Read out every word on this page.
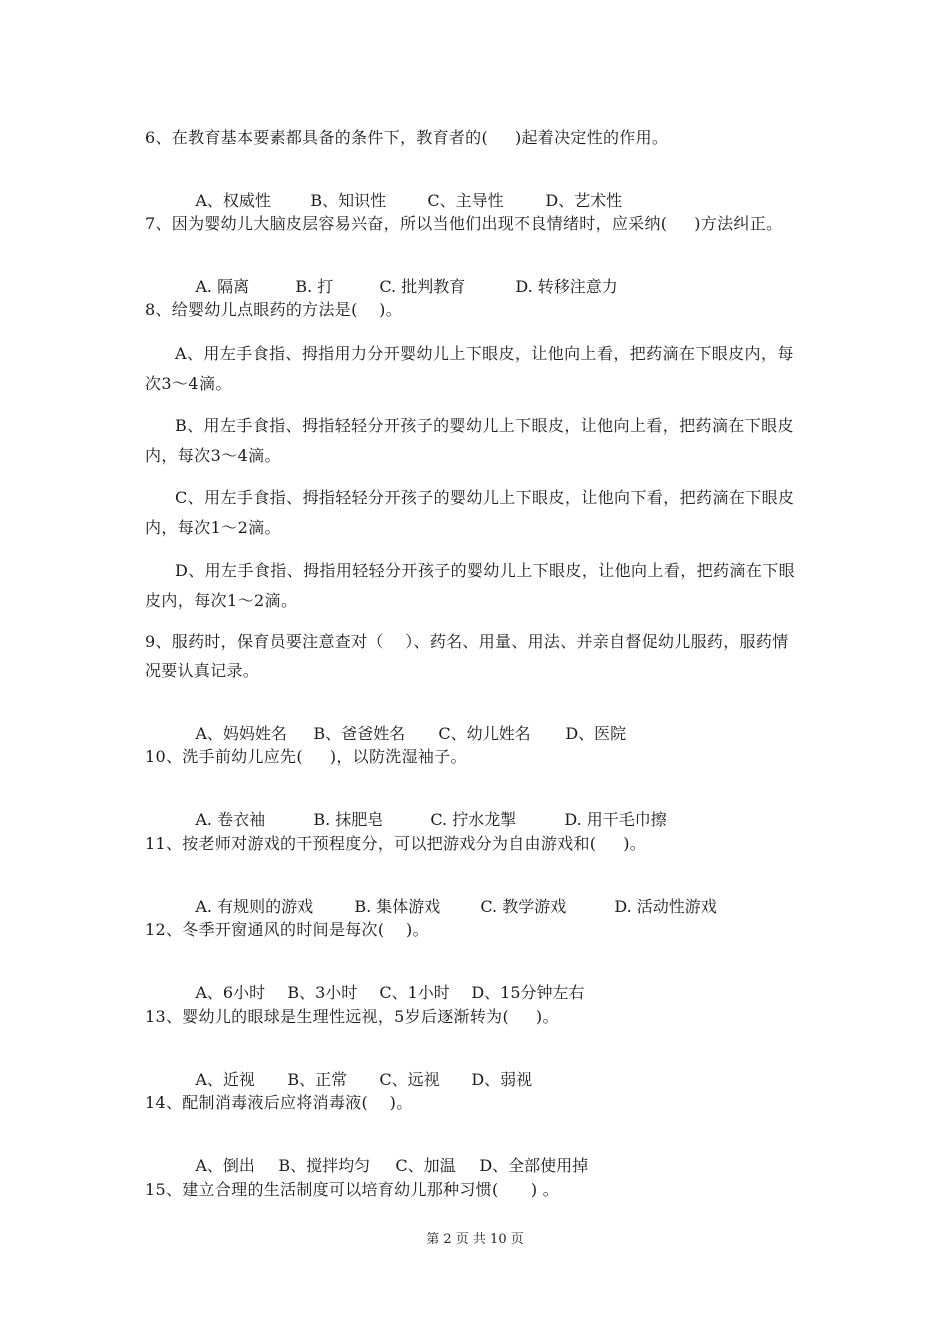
6、在教育基本要素都具备的条件下，教育者的(     )起着决定性的作用。

A、权威性 B、知识性	C、主导性	D、艺术性

7、因为婴幼儿大脑皮层容易兴奋，所以当他们出现不良情绪时，应采纳(     )方法纠正。

A. 隔离	B. 打	C. 批判教育	D. 转移注意力

8、给婴幼儿点眼药的方法是(    )。
A、用左手食指、拇指用力分开婴幼儿上下眼皮，让他向上看，把药滴在下眼皮内，每次3～4滴。
B、用左手食指、拇指轻轻分开孩子的婴幼儿上下眼皮，让他向上看，把药滴在下眼皮内，每次3～4滴。
C、用左手食指、拇指轻轻分开孩子的婴幼儿上下眼皮，让他向下看，把药滴在下眼皮内，每次1～2滴。
D、用左手食指、拇指用轻轻分开孩子的婴幼儿上下眼皮，让他向上看，把药滴在下眼皮内，每次1～2滴。
9、服药时，保育员要注意查对（    ）、药名、用量、用法、并亲自督促幼儿服药，服药情
况要认真记录。

A、妈妈姓名 B、爸爸姓名 C、幼儿姓名 D、医院

10、洗手前幼儿应先(     )，以防洗湿袖子。

A. 卷衣袖	B. 抹肥皂	C. 拧水龙掣	D. 用干毛巾擦

11、按老师对游戏的干预程度分，可以把游戏分为自由游戏和(     )。

A. 有规则的游戏	B. 集体游戏	C. 教学游戏	D. 活动性游戏

12、冬季开窗通风的时间是每次(    )。

A、6小时 B、3小时 C、1小时 D、15分钟左右

13、婴幼儿的眼球是生理性远视，5岁后逐渐转为(     )。

A、近视 B、正常 C、远视 D、弱视

14、配制消毒液后应将消毒液(    )。

A、倒出 B、搅拌均匀 C、加温 D、全部使用掉

15、建立合理的生活制度可以培育幼儿那种习惯(      ) 。
第 2 页 共 10 页
